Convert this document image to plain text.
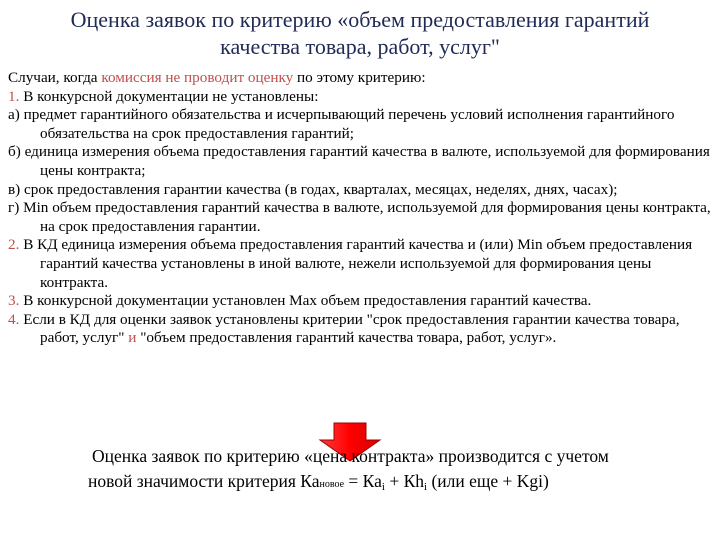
Оценка заявок по критерию «объем предоставления гарантий
качества товара, работ, услуг"

Случаи, когда комиссия не проводит оценку по этому критерию:

1. В конкурсной документации не установлены:

а) предмет гарантийного обязательства и исчерпывающий перечень условий исполнения гарантийного обязательства на срок предоставления гарантий;

б) единица измерения объема предоставления гарантий качества в валюте, используемой для формирования цены контракта;

в) срок предоставления гарантии качества (в годах, кварталах, месяцах, неделях, днях, часах);

г) Min объем предоставления гарантий качества в валюте, используемой для формирования цены контракта, на срок предоставления гарантии.

2. В КД единица измерения объема предоставления гарантий качества и (или) Min объем предоставления гарантий качества установлены в иной валюте, нежели используемой для формирования цены контракта.

3. В конкурсной документации установлен Max объем предоставления гарантий качества.

4. Если в КД для оценки заявок установлены критерии "срок предоставления гарантии качества товара, работ, услуг" и "объем предоставления гарантий качества товара, работ, услуг».

Оценка заявок по критерию «цена контракта» производится с учетом
новой значимости критерия Кановое = $Ка_i + Кh_i$ (или еще + Kgi)
